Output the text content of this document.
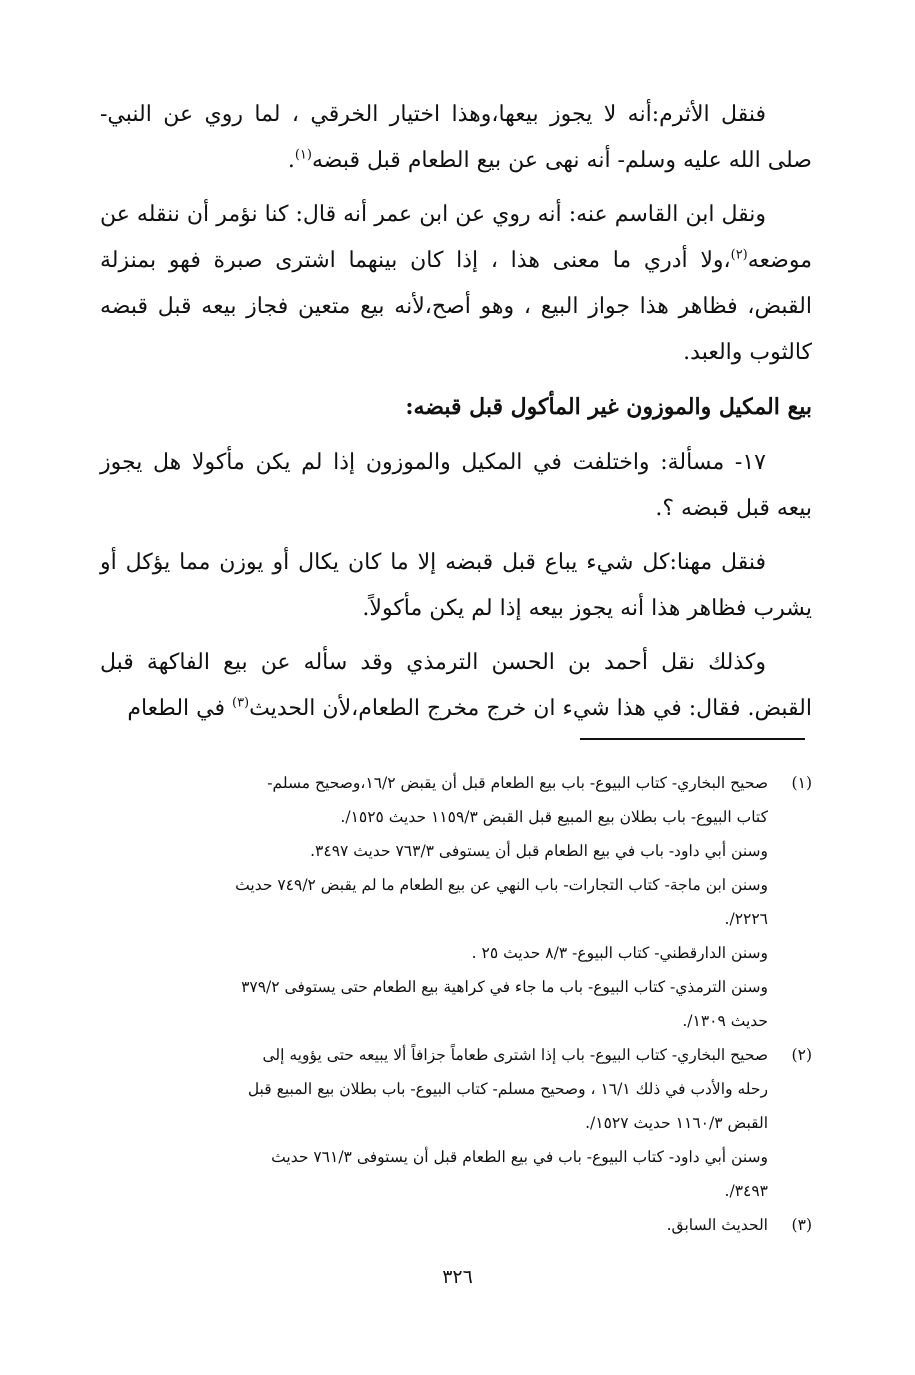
فنقل الأثرم:أنه لا يجوز بيعها،وهذا اختيار الخرقي ، لما روي عن النبي- صلى الله عليه وسلم- أنه نهى عن بيع الطعام قبل قبضه$^{(١)}$.

ونقل ابن القاسم عنه: أنه روي عن ابن عمر أنه قال: كنا نؤمر أن ننقله عن موضعه$^{(٢)}$،ولا أدري ما معنى هذا ، إذا كان بينهما اشترى صبرة فهو بمنزلة القبض، فظاهر هذا جواز البيع ، وهو أصح،لأنه بيع متعين فجاز بيعه قبل قبضه كالثوب والعبد.

بيع المكيل والموزون غير المأكول قبل قبضه:

١٧- مسألة: واختلفت في المكيل والموزون إذا لم يكن مأكولا هل يجوز بيعه قبل قبضه ؟.

فنقل مهنا:كل شيء يباع قبل قبضه إلا ما كان يكال أو يوزن مما يؤكل أو يشرب فظاهر هذا أنه يجوز بيعه إذا لم يكن مأكولاً.

وكذلك نقل أحمد بن الحسن الترمذي وقد سأله عن بيع الفاكهة قبل القبض. فقال: في هذا شيء ان خرج مخرج الطعام،لأن الحديث$^{(٣)}$ في الطعام

(١)
صحيح البخاري- كتاب البيوع- باب بيع الطعام قبل أن يقبض ١٦/٢،وصحيح مسلم-
كتاب البيوع- باب بطلان بيع المبيع قبل القبض ١١٥٩/٣ حديث ١٥٢٥/.
وسنن أبي داود- باب في بيع الطعام قبل أن يستوفى ٧٦٣/٣ حديث ٣٤٩٧.
وسنن ابن ماجة- كتاب التجارات- باب النهي عن بيع الطعام ما لم يقبض ٧٤٩/٢ حديث
٢٢٢٦/.
وسنن الدارقطني- كتاب البيوع- ٨/٣ حديث ٢٥ .
وسنن الترمذي- كتاب البيوع- باب ما جاء في كراهية بيع الطعام حتى يستوفى ٣٧٩/٢
حديث ١٣٠٩/.
(٢)
صحيح البخاري- كتاب البيوع- باب إذا اشترى طعاماً جزافاً ألا يبيعه حتى يؤويه إلى
رحله والأدب في ذلك ١٦/١ ، وصحيح مسلم- كتاب البيوع- باب بطلان بيع المبيع قبل
القبض ١١٦٠/٣ حديث ١٥٢٧/.
وسنن أبي داود- كتاب البيوع- باب في بيع الطعام قبل أن يستوفى ٧٦١/٣ حديث
٣٤٩٣/.
(٣)
الحديث السابق.
٣٢٦
